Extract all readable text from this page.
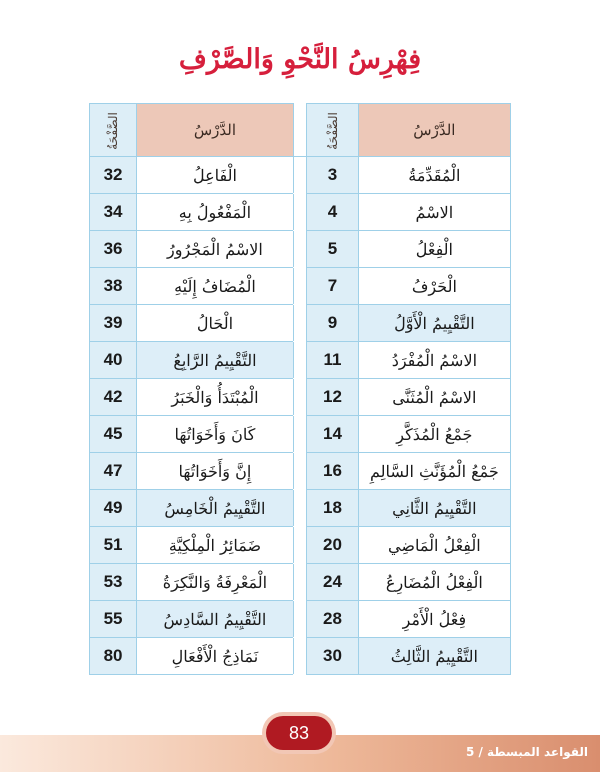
فِهْرِسُ النَّحْوِ وَالصَّرْفِ
الدَّرْسُ	الصَّفْحَةُ		الدَّرْسُ	الصَّفْحَةُ
الْمُقَدِّمَةُ	3		الْفَاعِلُ	32
الاسْمُ	4		الْمَفْعُولُ بِهِ	34
الْفِعْلُ	5		الاسْمُ الْمَجْرُورُ	36
الْحَرْفُ	7		الْمُضَافُ إِلَيْهِ	38
التَّقْيِيمُ الْأَوَّلُ	9		الْحَالُ	39
الاسْمُ الْمُفْرَدُ	11		التَّقْيِيمُ الرَّابِعُ	40
الاسْمُ الْمُثَنَّى	12		الْمُبْتَدَأُ وَالْخَبَرُ	42
جَمْعُ الْمُذَكَّرِ	14		كَانَ وَأَخَوَاتُهَا	45
جَمْعُ الْمُؤَنَّثِ السَّالِمِ	16		إِنَّ وَأَخَوَاتُهَا	47
التَّقْيِيمُ الثَّانِي	18		التَّقْيِيمُ الْخَامِسُ	49
الْفِعْلُ الْمَاضِي	20		ضَمَائِرُ الْمِلْكِيَّةِ	51
الْفِعْلُ الْمُضَارِعُ	24		الْمَعْرِفَةُ وَالنَّكِرَةُ	53
فِعْلُ الْأَمْرِ	28		التَّقْيِيمُ السَّادِسُ	55
التَّقْيِيمُ الثَّالِثُ	30		نَمَاذِجُ الْأَفْعَالِ	80
القواعد المبسطة / 5
83
